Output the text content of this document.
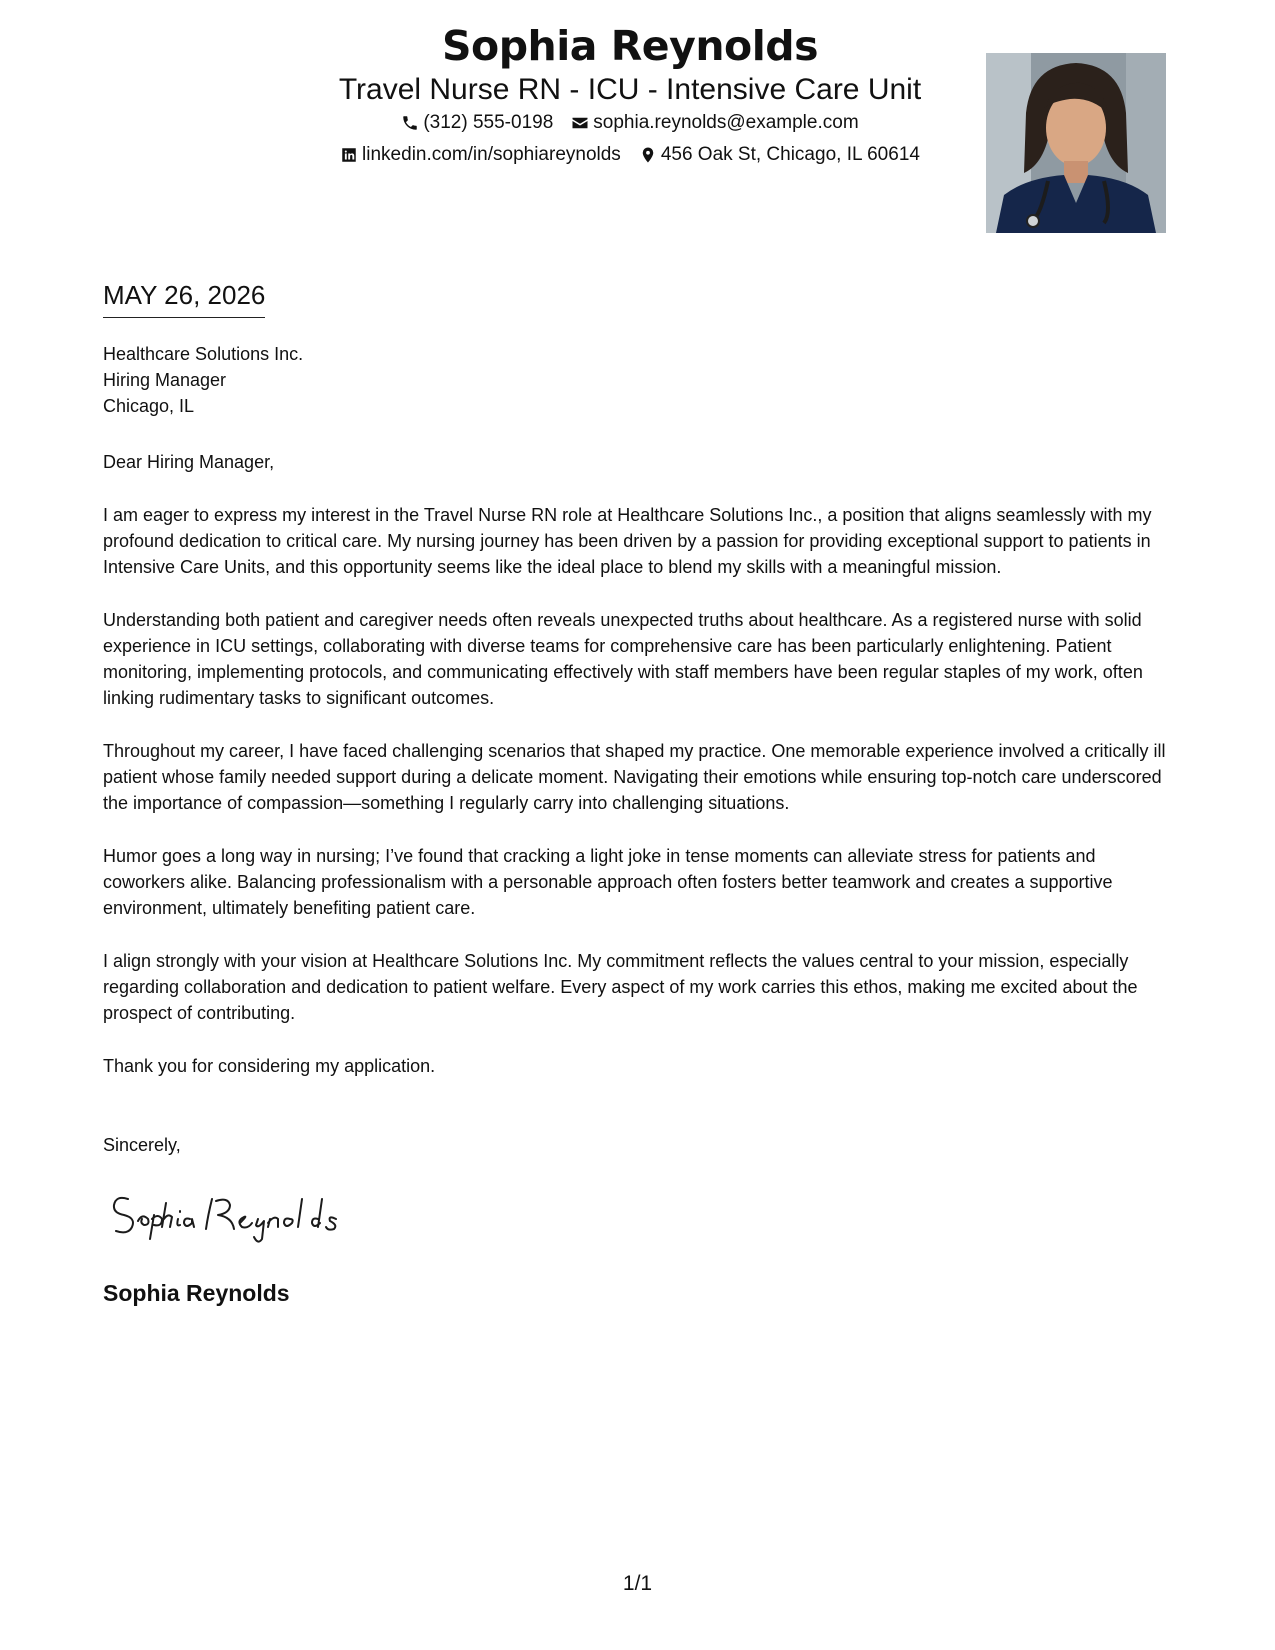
Sophia Reynolds
Travel Nurse RN - ICU - Intensive Care Unit
(312) 555-0198 sophia.reynolds@example.com
linkedin.com/in/sophiareynolds 456 Oak St, Chicago, IL 60614
MAY 26, 2026
Healthcare Solutions Inc.
Hiring Manager
Chicago, IL

Dear Hiring Manager,

I am eager to express my interest in the Travel Nurse RN role at Healthcare Solutions Inc., a position that aligns seamlessly with my profound dedication to critical care. My nursing journey has been driven by a passion for providing exceptional support to patients in Intensive Care Units, and this opportunity seems like the ideal place to blend my skills with a meaningful mission.

Understanding both patient and caregiver needs often reveals unexpected truths about healthcare. As a registered nurse with solid experience in ICU settings, collaborating with diverse teams for comprehensive care has been particularly enlightening. Patient monitoring, implementing protocols, and communicating effectively with staff members have been regular staples of my work, often linking rudimentary tasks to significant outcomes.

Throughout my career, I have faced challenging scenarios that shaped my practice. One memorable experience involved a critically ill patient whose family needed support during a delicate moment. Navigating their emotions while ensuring top-notch care underscored the importance of compassion—something I regularly carry into challenging situations.

Humor goes a long way in nursing; I’ve found that cracking a light joke in tense moments can alleviate stress for patients and coworkers alike. Balancing professionalism with a personable approach often fosters better teamwork and creates a supportive environment, ultimately benefiting patient care.

I align strongly with your vision at Healthcare Solutions Inc. My commitment reflects the values central to your mission, especially regarding collaboration and dedication to patient welfare. Every aspect of my work carries this ethos, making me excited about the prospect of contributing.

Thank you for considering my application.

Sincerely,
Sophia Reynolds
1/1
